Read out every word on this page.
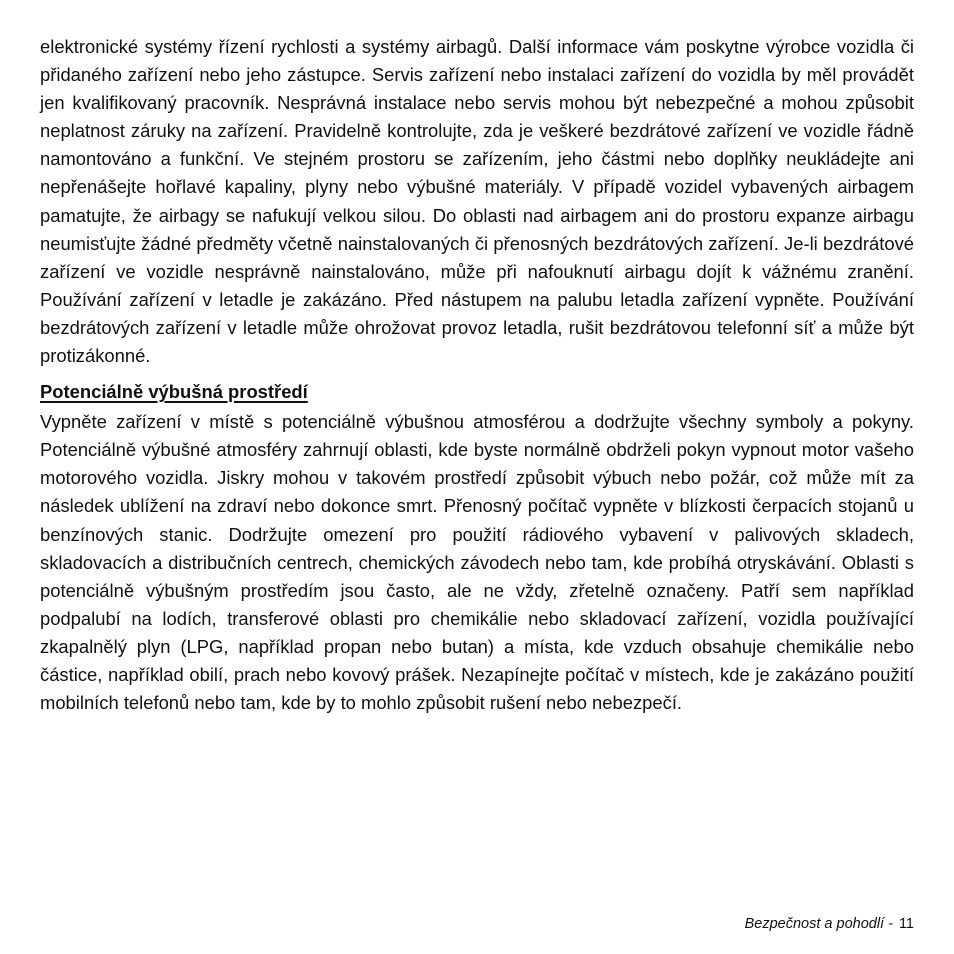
elektronické systémy řízení rychlosti a systémy airbagů. Další informace vám poskytne výrobce vozidla či přidaného zařízení nebo jeho zástupce. Servis zařízení nebo instalaci zařízení do vozidla by měl provádět jen kvalifikovaný pracovník. Nesprávná instalace nebo servis mohou být nebezpečné a mohou způsobit neplatnost záruky na zařízení. Pravidelně kontrolujte, zda je veškeré bezdrátové zařízení ve vozidle řádně namontováno a funkční. Ve stejném prostoru se zařízením, jeho částmi nebo doplňky neukládejte ani nepřenášejte hořlavé kapaliny, plyny nebo výbušné materiály. V případě vozidel vybavených airbagem pamatujte, že airbagy se nafukují velkou silou. Do oblasti nad airbagem ani do prostoru expanze airbagu neumisťujte žádné předměty včetně nainstalovaných či přenosných bezdrátových zařízení. Je-li bezdrátové zařízení ve vozidle nesprávně nainstalováno, může při nafouknutí airbagu dojít k vážnému zranění. Používání zařízení v letadle je zakázáno. Před nástupem na palubu letadla zařízení vypněte. Používání bezdrátových zařízení v letadle může ohrožovat provoz letadla, rušit bezdrátovou telefonní síť a může být protizákonné.

Potenciálně výbušná prostředí

Vypněte zařízení v místě s potenciálně výbušnou atmosférou a dodržujte všechny symboly a pokyny. Potenciálně výbušné atmosféry zahrnují oblasti, kde byste normálně obdrželi pokyn vypnout motor vašeho motorového vozidla. Jiskry mohou v takovém prostředí způsobit výbuch nebo požár, což může mít za následek ublížení na zdraví nebo dokonce smrt. Přenosný počítač vypněte v blízkosti čerpacích stojanů u benzínových stanic. Dodržujte omezení pro použití rádiového vybavení v palivových skladech, skladovacích a distribučních centrech, chemických závodech nebo tam, kde probíhá otryskávání. Oblasti s potenciálně výbušným prostředím jsou často, ale ne vždy, zřetelně označeny. Patří sem například podpalubí na lodích, transferové oblasti pro chemikálie nebo skladovací zařízení, vozidla používající zkapalnělý plyn (LPG, například propan nebo butan) a místa, kde vzduch obsahuje chemikálie nebo částice, například obilí, prach nebo kovový prášek. Nezapínejte počítač v místech, kde je zakázáno použití mobilních telefonů nebo tam, kde by to mohlo způsobit rušení nebo nebezpečí.

Bezpečnost a pohodlí - 11
